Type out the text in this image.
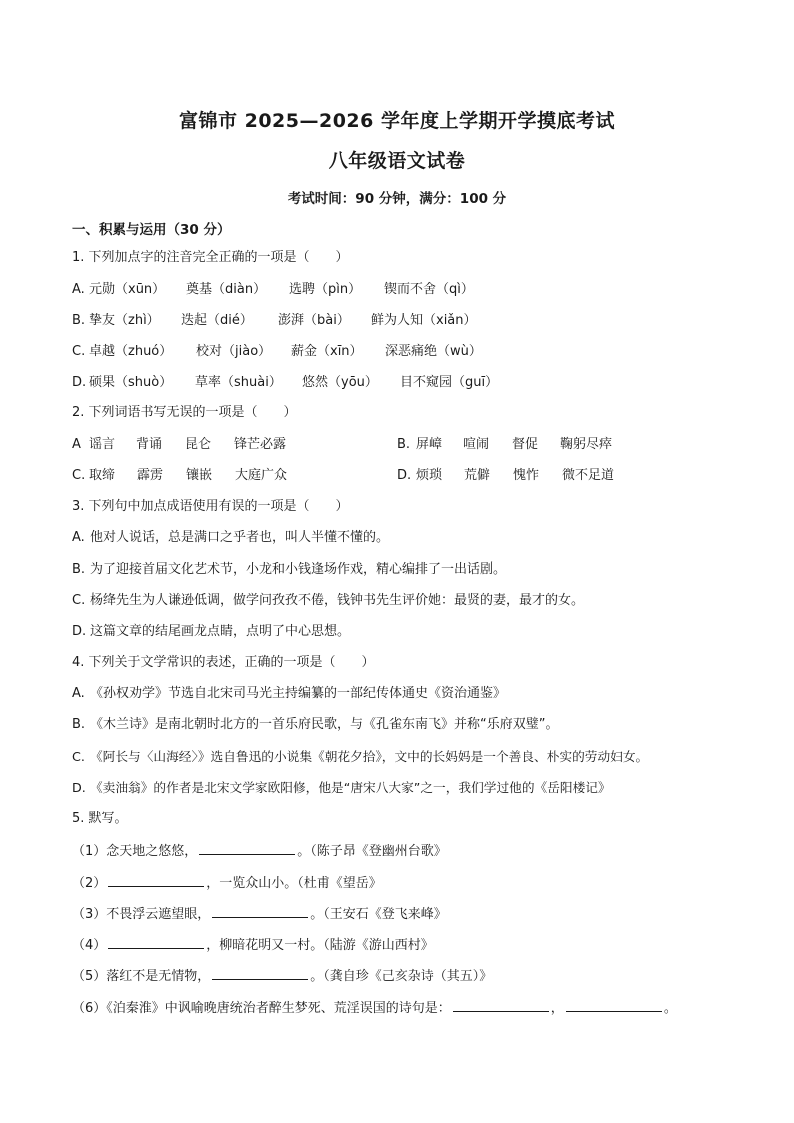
富锦市 2025—2026 学年度上学期开学摸底考试
八年级语文试卷
考试时间：90 分钟，满分：100 分
一、积累与运用（30 分）
1. 下列加点字的注音完全正确的一项是（　　）
A. 元勋（xūn） 奠基（diàn） 选聘（pìn） 锲而不舍（qì）
B. 挚友（zhì） 迭起（dié） 澎湃（bài） 鲜为人知（xiǎn）
C. 卓越（zhuó） 校对（jiào） 薪金（xīn） 深恶痛绝（wù）
D. 硕果（shuò） 草率（shuài） 悠然（yōu） 目不窥园（guī）
2. 下列词语书写无误的一项是（　　）
A 谣言 背诵 昆仑 锋芒必露	B. 屏嶂 喧闹 督促 鞠躬尽瘁
C. 取缔 霹雳 镶嵌 大庭广众	D. 烦琐 荒僻 愧怍 微不足道
3. 下列句中加点成语使用有误的一项是（　　）
A. 他对人说话，总是满口之乎者也，叫人半懂不懂的。
B. 为了迎接首届文化艺术节，小龙和小钱逢场作戏，精心编排了一出话剧。
C. 杨绛先生为人谦逊低调，做学问孜孜不倦，钱钟书先生评价她：最贤的妻，最才的女。
D. 这篇文章的结尾画龙点睛，点明了中心思想。
4. 下列关于文学常识的表述，正确的一项是（　　）
A. 《孙权劝学》节选自北宋司马光主持编纂的一部纪传体通史《资治通鉴》
B. 《木兰诗》是南北朝时北方的一首乐府民歌，与《孔雀东南飞》并称“乐府双璧”。
C. 《阿长与〈山海经〉》选自鲁迅的小说集《朝花夕拾》，文中的长妈妈是一个善良、朴实的劳动妇女。
D. 《卖油翁》的作者是北宋文学家欧阳修，他是“唐宋八大家”之一，我们学过他的《岳阳楼记》
5. 默写。
（1）念天地之悠悠，	。（陈子昂《登幽州台歌》
（2）	，一览众山小。（杜甫《望岳》
（3）不畏浮云遮望眼，	。（王安石《登飞来峰》
（4）	，柳暗花明又一村。（陆游《游山西村》
（5）落红不是无情物，	。（龚自珍《己亥杂诗（其五）》
（6）《泊秦淮》中讽喻晚唐统治者醉生梦死、荒淫误国的诗句是：	，	。
